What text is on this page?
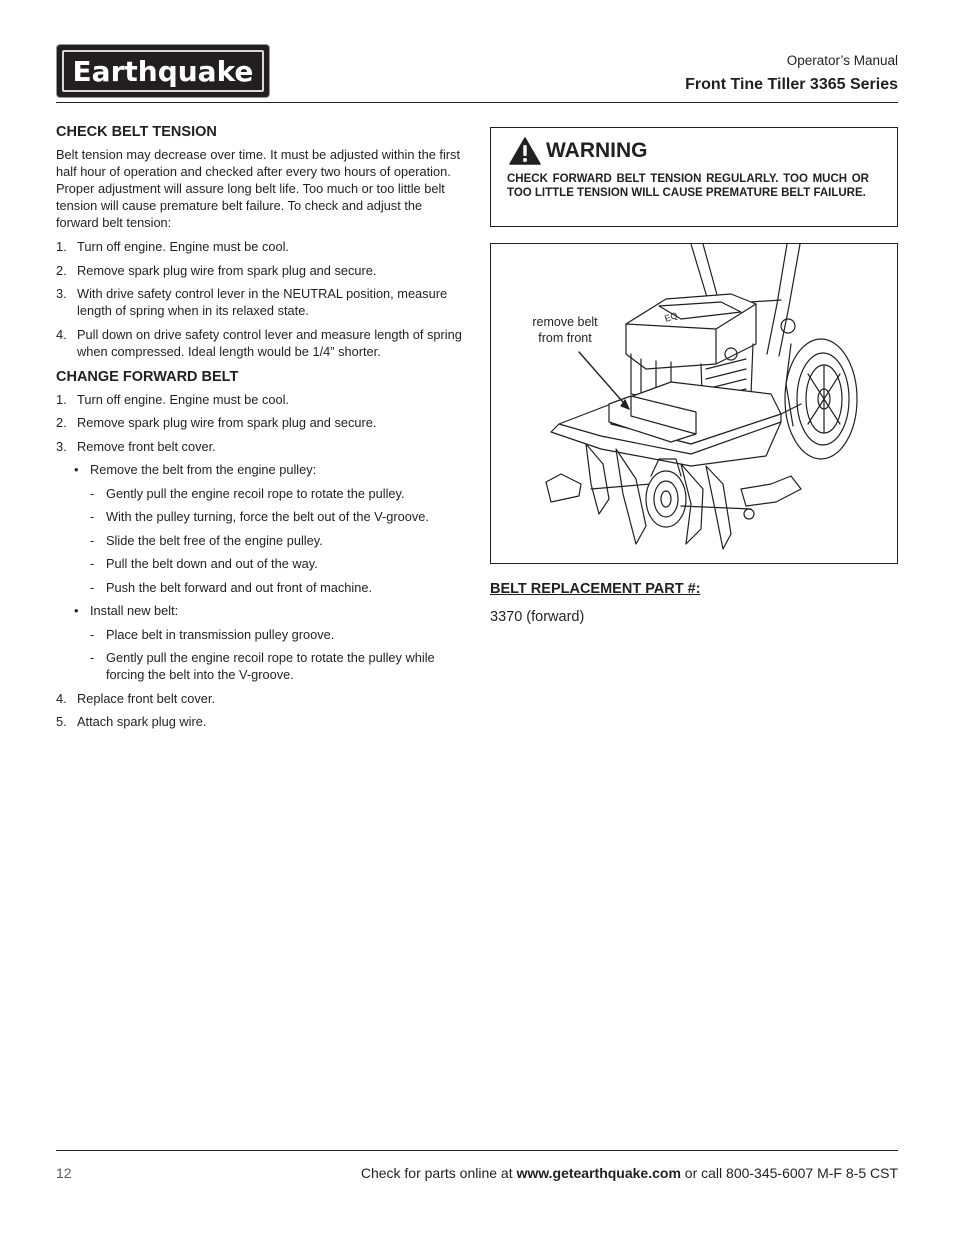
Earthquake	Operator’s Manual
Front Tine Tiller 3365 Series
CHECK BELT TENSION

Belt tension may decrease over time. It must be adjusted within the first half hour of operation and checked after every two hours of operation. Proper adjustment will assure long belt life. Too much or too little belt tension will cause premature belt failure. To check and adjust the forward belt tension:

1. Turn off engine. Engine must be cool.
2. Remove spark plug wire from spark plug and secure.
3. With drive safety control lever in the NEUTRAL position, measure length of spring when in its relaxed state.
4. Pull down on drive safety control lever and measure length of spring when compressed. Ideal length would be 1/4” shorter.
CHANGE FORWARD BELT
1. Turn off engine. Engine must be cool.
2. Remove spark plug wire from spark plug and secure.
3. Remove front belt cover.
• Remove the belt from the engine pulley:
- Gently pull the engine recoil rope to rotate the pulley.
- With the pulley turning, force the belt out of the V-groove.
- Slide the belt free of the engine pulley.
- Pull the belt down and out of the way.
- Push the belt forward and out front of machine.
• Install new belt:
- Place belt in transmission pulley groove.
- Gently pull the engine recoil rope to rotate the pulley while forcing the belt into the V-groove.
4. Replace front belt cover.
5. Attach spark plug wire.
WARNING
CHECK FORWARD BELT TENSION REGULARLY. TOO MUCH OR TOO LITTLE TENSION WILL CAUSE PREMATURE BELT FAILURE.
EQ
remove belt from front
BELT REPLACEMENT PART #:
3370 (forward)
12	Check for parts online at www.getearthquake.com or call 800-345-6007 M-F 8-5 CST
